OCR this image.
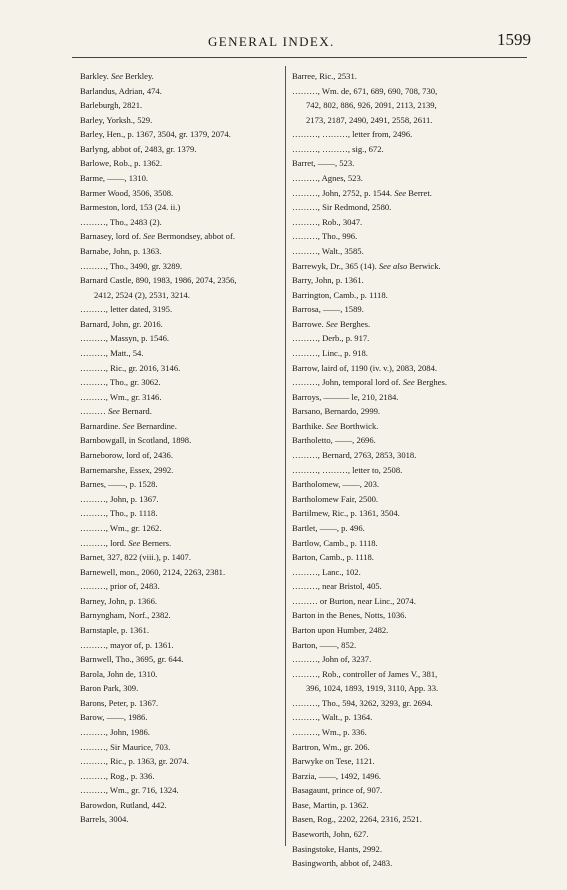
GENERAL INDEX.	1599
Barkley. See Berkley.
Barlandus, Adrian, 474.
Barleburgh, 2821.
Barley, Yorksh., 529.
Barley, Hen., p. 1367, 3504, gr. 1379, 2074.
Barlyng, abbot of, 2483, gr. 1379.
Barlowe, Rob., p. 1362.
Barme, ——, 1310.
Barmer Wood, 3506, 3508.
Barmeston, lord, 153 (24. ii.)
………, Tho., 2483 (2).
Barnasey, lord of. See Bermondsey, abbot of.
Barnabe, John, p. 1363.
………, Tho., 3490, gr. 3289.
Barnard Castle, 890, 1983, 1986, 2074, 2356,
2412, 2524 (2), 2531, 3214.
………, letter dated, 3195.
Barnard, John, gr. 2016.
………, Massyn, p. 1546.
………, Matt., 54.
………, Ric., gr. 2016, 3146.
………, Tho., gr. 3062.
………, Wm., gr. 3146.
……… See Bernard.
Barnardine. See Bernardine.
Barnbowgall, in Scotland, 1898.
Barneborow, lord of, 2436.
Barnemarshe, Essex, 2992.
Barnes, ——, p. 1528.
………, John, p. 1367.
………, Tho., p. 1118.
………, Wm., gr. 1262.
………, lord. See Berners.
Barnet, 327, 822 (viii.), p. 1407.
Barnewell, mon., 2060, 2124, 2263, 2381.
………, prior of, 2483.
Barney, John, p. 1366.
Barnyngham, Norf., 2382.
Barnstaple, p. 1361.
………, mayor of, p. 1361.
Barnwell, Tho., 3695, gr. 644.
Barola, John de, 1310.
Baron Park, 309.
Barons, Peter, p. 1367.
Barow, ——, 1986.
………, John, 1986.
………, Sir Maurice, 703.
………, Ric., p. 1363, gr. 2074.
………, Rog., p. 336.
………, Wm., gr. 716, 1324.
Barowdon, Rutland, 442.
Barrels, 3004.
Barree, Ric., 2531.
………, Wm. de, 671, 689, 690, 708, 730,
742, 802, 886, 926, 2091, 2113, 2139,
2173, 2187, 2490, 2491, 2558, 2611.
………, ………, letter from, 2496.
………, ………, sig., 672.
Barret, ——, 523.
………, Agnes, 523.
………, John, 2752, p. 1544. See Berret.
………, Sir Redmond, 2580.
………, Rob., 3047.
………, Tho., 996.
………, Walt., 3585.
Barrewyk, Dr., 365 (14). See also Berwick.
Barry, John, p. 1361.
Barrington, Camb., p. 1118.
Barrosa, ——, 1589.
Barrowe. See Berghes.
………, Derb., p. 917.
………, Linc., p. 918.
Barrow, laird of, 1190 (iv. v.), 2083, 2084.
………, John, temporal lord of. See Berghes.
Barroys, ——— le, 210, 2184.
Barsano, Bernardo, 2999.
Barthike. See Borthwick.
Bartholetto, ——, 2696.
………, Bernard, 2763, 2853, 3018.
………, ………, letter to, 2508.
Bartholomew, ——, 203.
Bartholomew Fair, 2500.
Bartilmew, Ric., p. 1361, 3504.
Bartlet, ——, p. 496.
Bartlow, Camb., p. 1118.
Barton, Camb., p. 1118.
………, Lanc., 102.
………, near Bristol, 405.
……… or Burton, near Linc., 2074.
Barton in the Benes, Notts, 1036.
Barton upon Humber, 2482.
Barton, ——, 852.
………, John of, 3237.
………, Rob., controller of James V., 381,
396, 1024, 1893, 1919, 3110, App. 33.
………, Tho., 594, 3262, 3293, gr. 2694.
………, Walt., p. 1364.
………, Wm., p. 336.
Bartron, Wm., gr. 206.
Barwyke on Tese, 1121.
Barzia, ——, 1492, 1496.
Basagaunt, prince of, 907.
Base, Martin, p. 1362.
Basen, Rog., 2202, 2264, 2316, 2521.
Baseworth, John, 627.
Basingstoke, Hants, 2992.
Basingworth, abbot of, 2483.
